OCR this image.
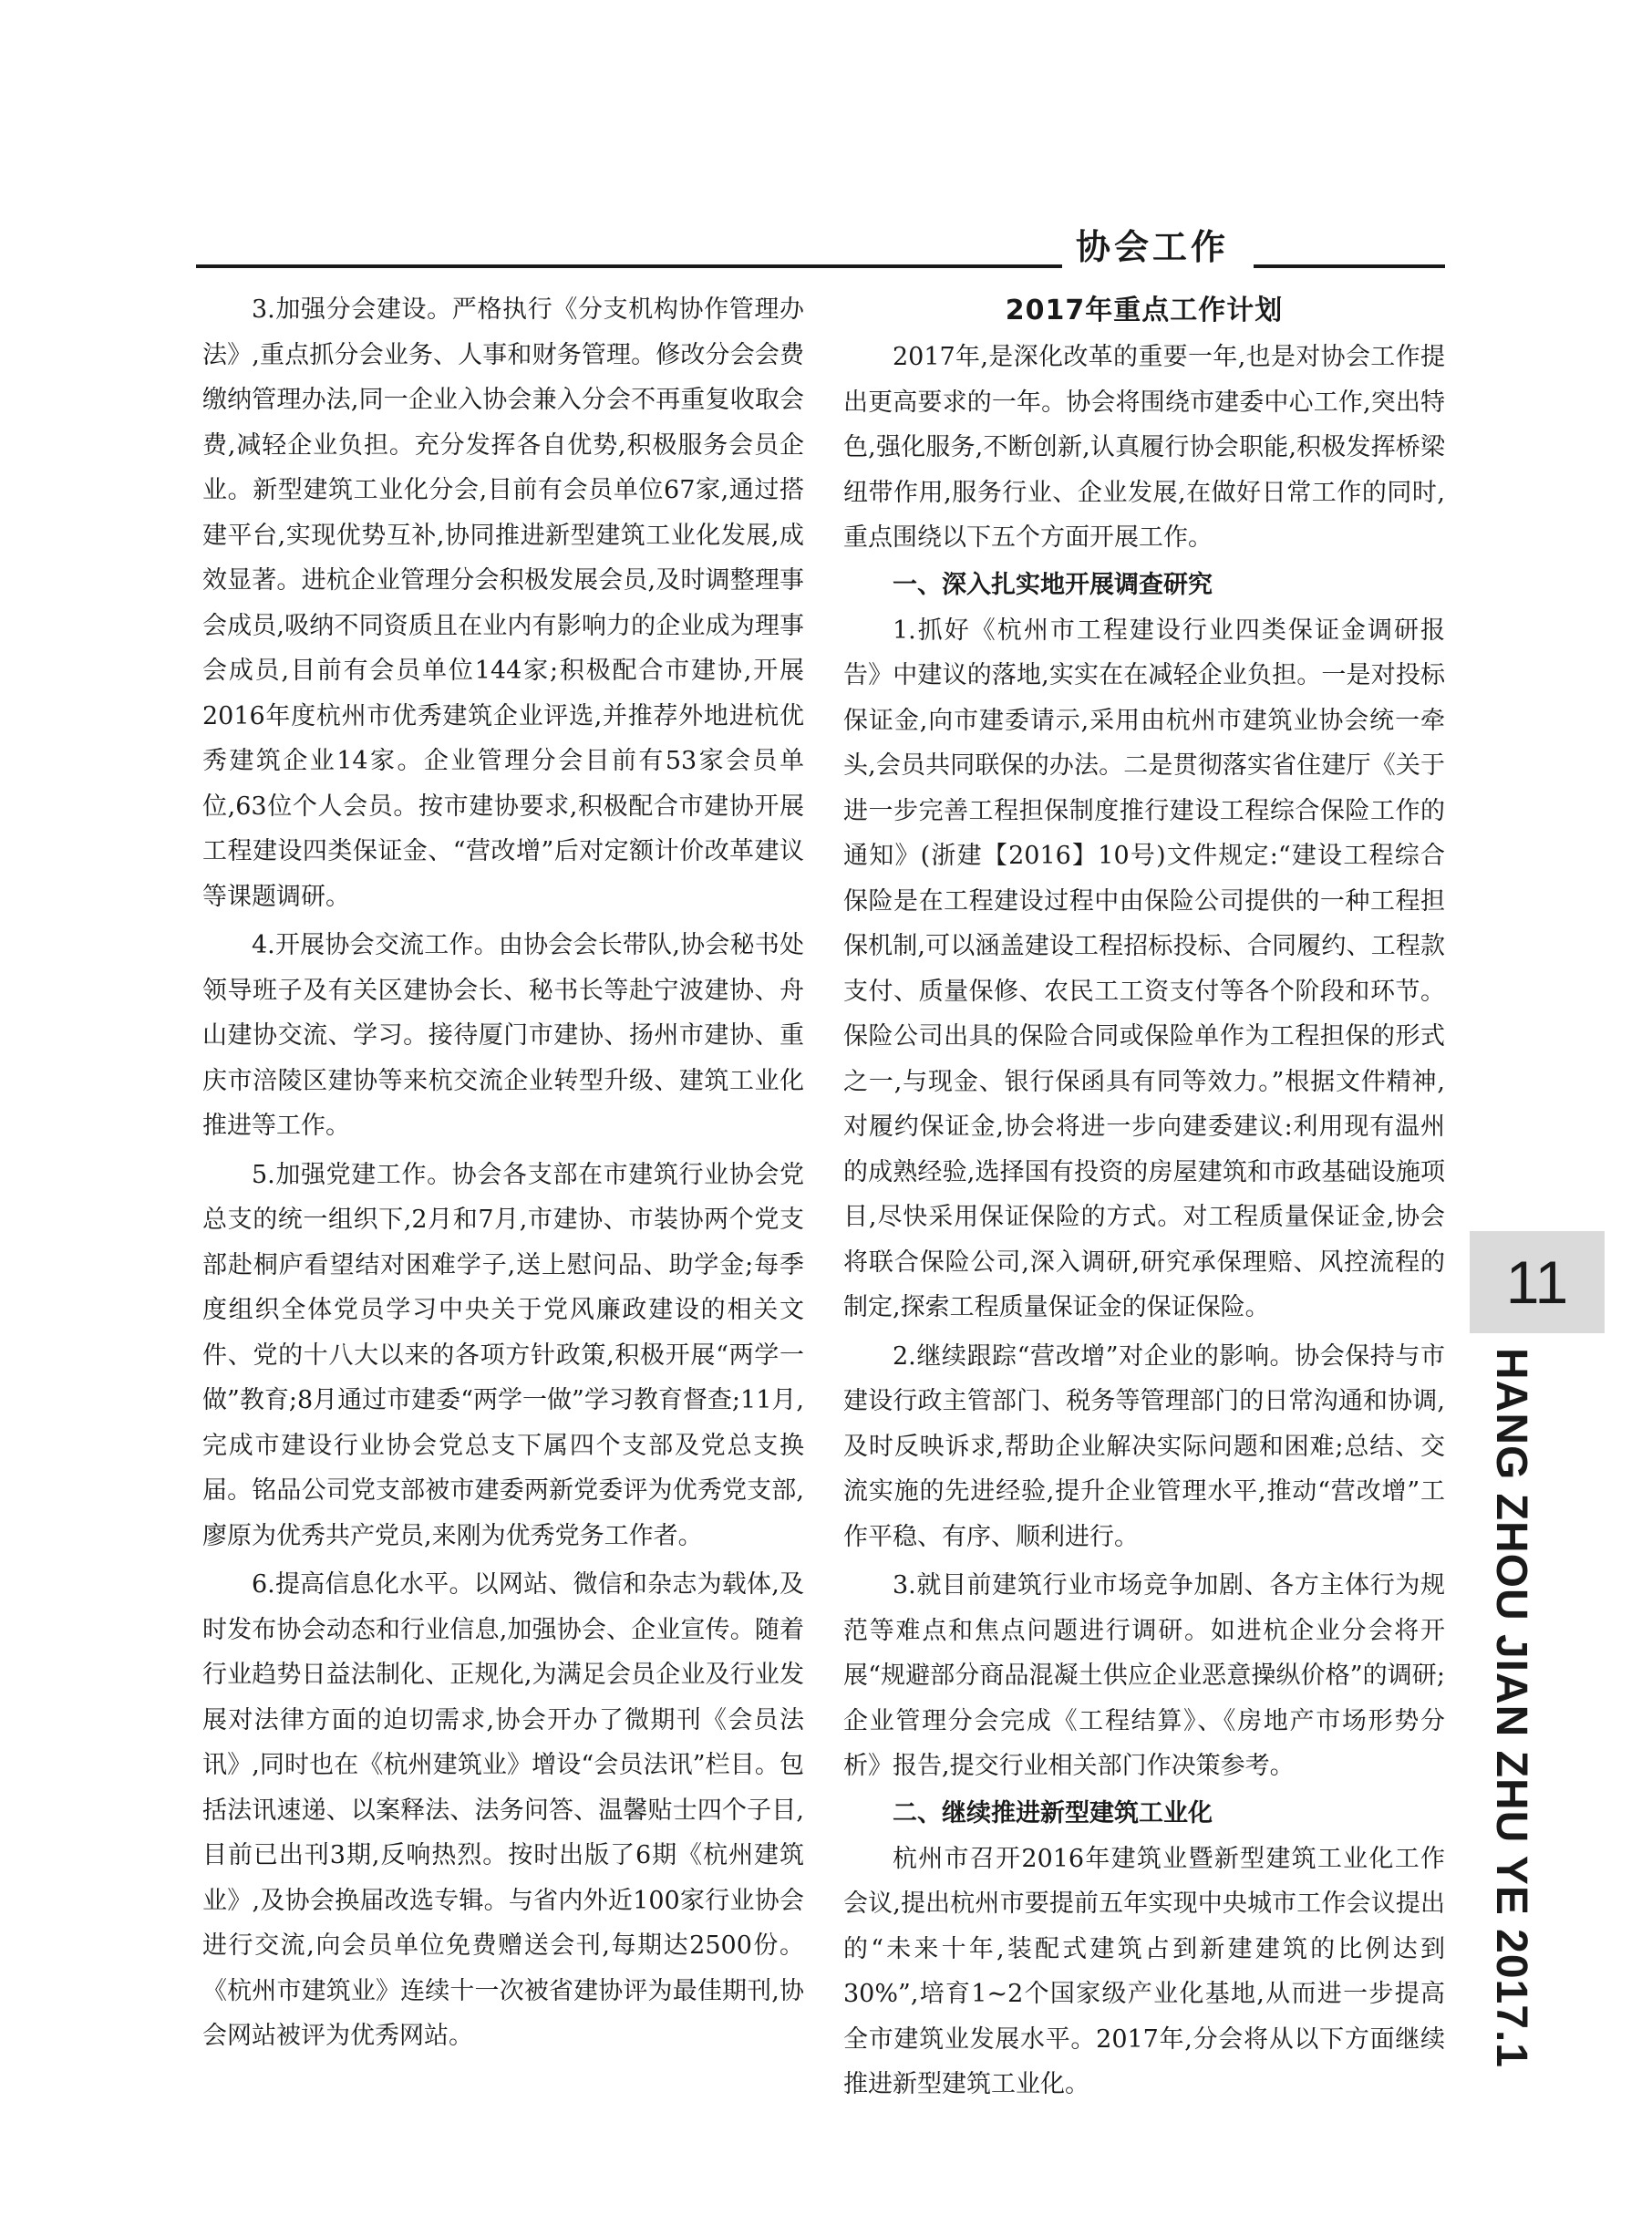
协会工作

3.加强分会建设。严格执行《分支机构协作管理办法》,重点抓分会业务、人事和财务管理。修改分会会费缴纳管理办法,同一企业入协会兼入分会不再重复收取会费,减轻企业负担。充分发挥各自优势,积极服务会员企业。新型建筑工业化分会,目前有会员单位67家,通过搭建平台,实现优势互补,协同推进新型建筑工业化发展,成效显著。进杭企业管理分会积极发展会员,及时调整理事会成员,吸纳不同资质且在业内有影响力的企业成为理事会成员,目前有会员单位144家;积极配合市建协,开展2016年度杭州市优秀建筑企业评选,并推荐外地进杭优秀建筑企业14家。企业管理分会目前有53家会员单位,63位个人会员。按市建协要求,积极配合市建协开展工程建设四类保证金、“营改增”后对定额计价改革建议等课题调研。

4.开展协会交流工作。由协会会长带队,协会秘书处领导班子及有关区建协会长、秘书长等赴宁波建协、舟山建协交流、学习。接待厦门市建协、扬州市建协、重庆市涪陵区建协等来杭交流企业转型升级、建筑工业化推进等工作。

5.加强党建工作。协会各支部在市建筑行业协会党总支的统一组织下,2月和7月,市建协、市装协两个党支部赴桐庐看望结对困难学子,送上慰问品、助学金;每季度组织全体党员学习中央关于党风廉政建设的相关文件、党的十八大以来的各项方针政策,积极开展“两学一做”教育;8月通过市建委“两学一做”学习教育督查;11月,完成市建设行业协会党总支下属四个支部及党总支换届。铭品公司党支部被市建委两新党委评为优秀党支部,廖原为优秀共产党员,来刚为优秀党务工作者。

6.提高信息化水平。以网站、微信和杂志为载体,及时发布协会动态和行业信息,加强协会、企业宣传。随着行业趋势日益法制化、正规化,为满足会员企业及行业发展对法律方面的迫切需求,协会开办了微期刊《会员法讯》,同时也在《杭州建筑业》增设“会员法讯”栏目。包括法讯速递、以案释法、法务问答、温馨贴士四个子目,目前已出刊3期,反响热烈。按时出版了6期《杭州建筑业》,及协会换届改选专辑。与省内外近100家行业协会进行交流,向会员单位免费赠送会刊,每期达2500份。《杭州市建筑业》连续十一次被省建协评为最佳期刊,协会网站被评为优秀网站。

2017年重点工作计划

2017年,是深化改革的重要一年,也是对协会工作提出更高要求的一年。协会将围绕市建委中心工作,突出特色,强化服务,不断创新,认真履行协会职能,积极发挥桥梁纽带作用,服务行业、企业发展,在做好日常工作的同时,重点围绕以下五个方面开展工作。

一、深入扎实地开展调查研究

1.抓好《杭州市工程建设行业四类保证金调研报告》中建议的落地,实实在在减轻企业负担。一是对投标保证金,向市建委请示,采用由杭州市建筑业协会统一牵头,会员共同联保的办法。二是贯彻落实省住建厅《关于进一步完善工程担保制度推行建设工程综合保险工作的通知》(浙建【2016】10号)文件规定:“建设工程综合保险是在工程建设过程中由保险公司提供的一种工程担保机制,可以涵盖建设工程招标投标、合同履约、工程款支付、质量保修、农民工工资支付等各个阶段和环节。保险公司出具的保险合同或保险单作为工程担保的形式之一,与现金、银行保函具有同等效力。”根据文件精神,对履约保证金,协会将进一步向建委建议:利用现有温州的成熟经验,选择国有投资的房屋建筑和市政基础设施项目,尽快采用保证保险的方式。对工程质量保证金,协会将联合保险公司,深入调研,研究承保理赔、风控流程的制定,探索工程质量保证金的保证保险。

2.继续跟踪“营改增”对企业的影响。协会保持与市建设行政主管部门、税务等管理部门的日常沟通和协调,及时反映诉求,帮助企业解决实际问题和困难;总结、交流实施的先进经验,提升企业管理水平,推动“营改增”工作平稳、有序、顺利进行。

3.就目前建筑行业市场竞争加剧、各方主体行为规范等难点和焦点问题进行调研。如进杭企业分会将开展“规避部分商品混凝土供应企业恶意操纵价格”的调研;企业管理分会完成《工程结算》、《房地产市场形势分析》报告,提交行业相关部门作决策参考。

二、继续推进新型建筑工业化

杭州市召开2016年建筑业暨新型建筑工业化工作会议,提出杭州市要提前五年实现中央城市工作会议提出的“未来十年,装配式建筑占到新建建筑的比例达到30%”,培育1~2个国家级产业化基地,从而进一步提高全市建筑业发展水平。2017年,分会将从以下方面继续推进新型建筑工业化。

11
HANG ZHOU JIAN ZHU YE 2017.1
